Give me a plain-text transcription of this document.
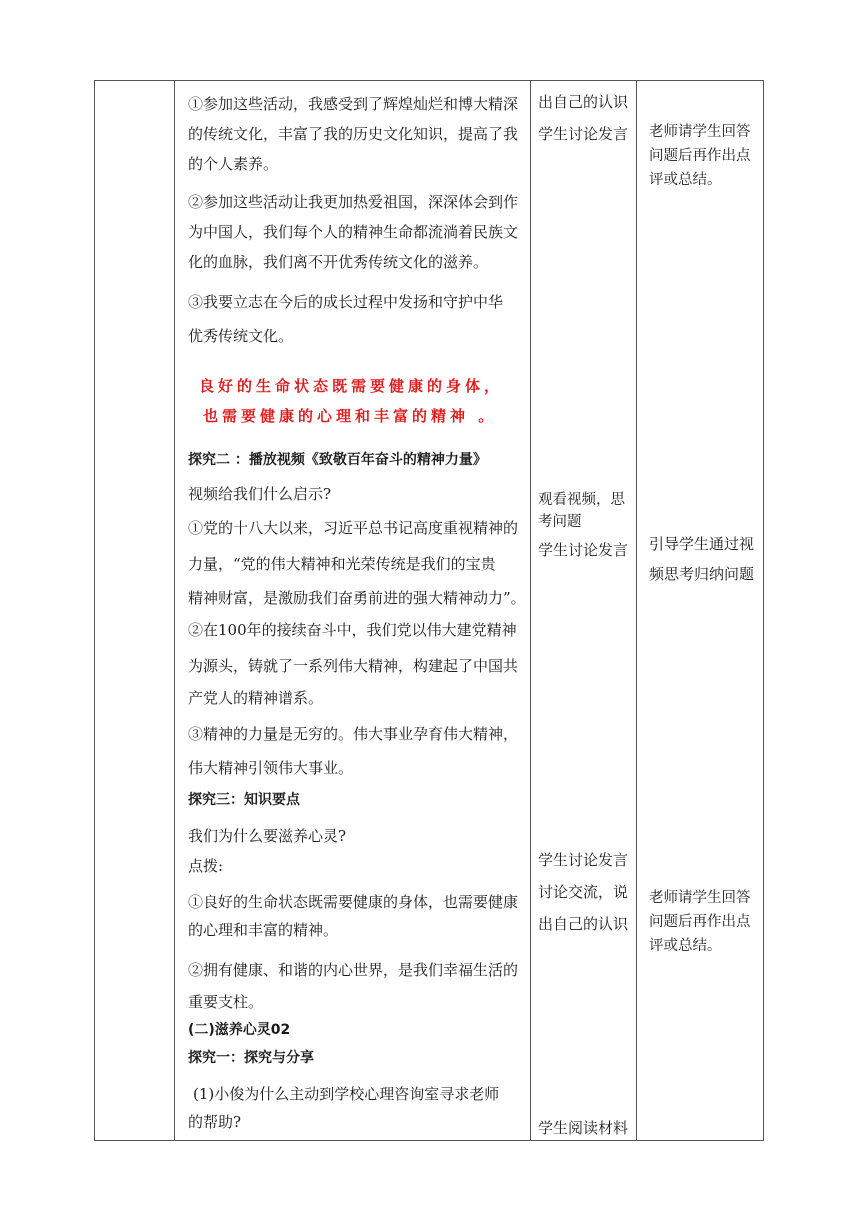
①参加这些活动，我感受到了辉煌灿烂和博大精深

的传统文化，丰富了我的历史文化知识，提高了我

的个人素养。

②参加这些活动让我更加热爱祖国，深深体会到作

为中国人，我们每个人的精神生命都流淌着民族文

化的血脉，我们离不开优秀传统文化的滋养。

③我要立志在今后的成长过程中发扬和守护中华

优秀传统文化。

良好的生命状态既需要健康的身体，

也需要健康的心理和丰富的精神 。

探究二 ：播放视频《致敬百年奋斗的精神力量》

视频给我们什么启示?

①党的十八大以来，习近平总书记高度重视精神的

力量，“党的伟大精神和光荣传统是我们的宝贵

精神财富，是激励我们奋勇前进的强大精神动力”。

②在100年的接续奋斗中，我们党以伟大建党精神

为源头，铸就了一系列伟大精神，构建起了中国共

产党人的精神谱系。

③精神的力量是无穷的。伟大事业孕育伟大精神，

伟大精神引领伟大事业。

探究三：知识要点

我们为什么要滋养心灵?

点拨:

①良好的生命状态既需要健康的身体，也需要健康

的心理和丰富的精神。

②拥有健康、和谐的内心世界，是我们幸福生活的

重要支柱。

(二)滋养心灵02

探究一：探究与分享

(1)小俊为什么主动到学校心理咨询室寻求老师

的帮助?

出自己的认识

学生讨论发言

观看视频，思

考问题

学生讨论发言

学生讨论发言

讨论交流，说

出自己的认识

学生阅读材料

老师请学生回答

问题后再作出点

评或总结。

引导学生通过视

频思考归纳问题

老师请学生回答

问题后再作出点

评或总结。
